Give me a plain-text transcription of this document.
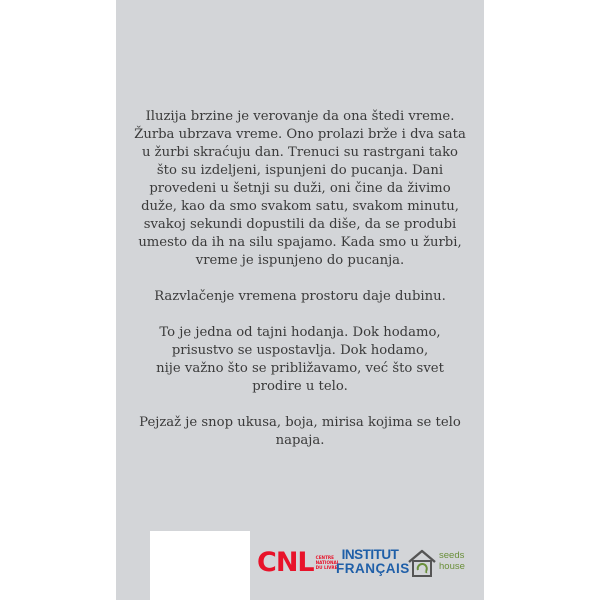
Iluzija brzine je verovanje da ona štedi vreme.
Žurba ubrzava vreme. Ono prolazi brže i dva sata
u žurbi skraćuju dan. Trenuci su rastrgani tako
što su izdeljeni, ispunjeni do pucanja. Dani
provedeni u šetnji su duži, oni čine da živimo
duže, kao da smo svakom satu, svakom minutu,
svakoj sekundi dopustili da diše, da se produbi
umesto da ih na silu spajamo. Kada smo u žurbi,
vreme je ispunjeno do pucanja.

Razvlačenje vremena prostoru daje dubinu.

To je jedna od tajni hodanja. Dok hodamo,
prisustvo se uspostavlja. Dok hodamo,
nije važno što se približavamo, već što svet
prodire u telo.

Pejzaž je snop ukusa, boja, mirisa kojima se telo
napaja.

CNL CENTRE
NATIONAL
DU LIVRE
INSTITUT
FRANÇAIS
seeds
house
